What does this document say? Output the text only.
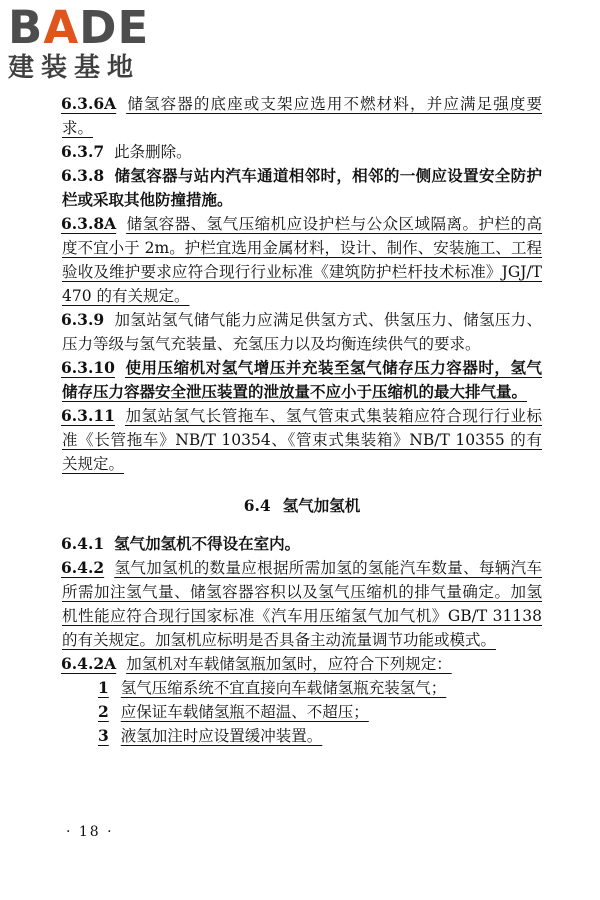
BADE
建装基地

6.3.6A 储氢容器的底座或支架应选用不燃材料，并应满足强度要求。

6.3.7 此条删除。

6.3.8 储氢容器与站内汽车通道相邻时，相邻的一侧应设置安全防护栏或采取其他防撞措施。

6.3.8A 储氢容器、氢气压缩机应设护栏与公众区域隔离。护栏的高度不宜小于 2m。护栏宜选用金属材料，设计、制作、安装施工、工程验收及维护要求应符合现行行业标准《建筑防护栏杆技术标准》JGJ/T 470 的有关规定。

6.3.9 加氢站氢气储气能力应满足供氢方式、供氢压力、储氢压力、压力等级与氢气充装量、充氢压力以及均衡连续供气的要求。

6.3.10 使用压缩机对氢气增压并充装至氢气储存压力容器时，氢气储存压力容器安全泄压装置的泄放量不应小于压缩机的最大排气量。

6.3.11 加氢站氢气长管拖车、氢气管束式集装箱应符合现行行业标准《长管拖车》NB/T 10354、《管束式集装箱》NB/T 10355 的有关规定。

6.4 氢气加氢机

6.4.1 氢气加氢机不得设在室内。

6.4.2 氢气加氢机的数量应根据所需加氢的氢能汽车数量、每辆汽车所需加注氢气量、储氢容器容积以及氢气压缩机的排气量确定。加氢机性能应符合现行国家标准《汽车用压缩氢气加气机》GB/T 31138 的有关规定。加氢机应标明是否具备主动流量调节功能或模式。

6.4.2A 加氢机对车载储氢瓶加氢时，应符合下列规定：

1 氢气压缩系统不宜直接向车载储氢瓶充装氢气；
2 应保证车载储氢瓶不超温、不超压；
3 液氢加注时应设置缓冲装置。
· 18 ·
